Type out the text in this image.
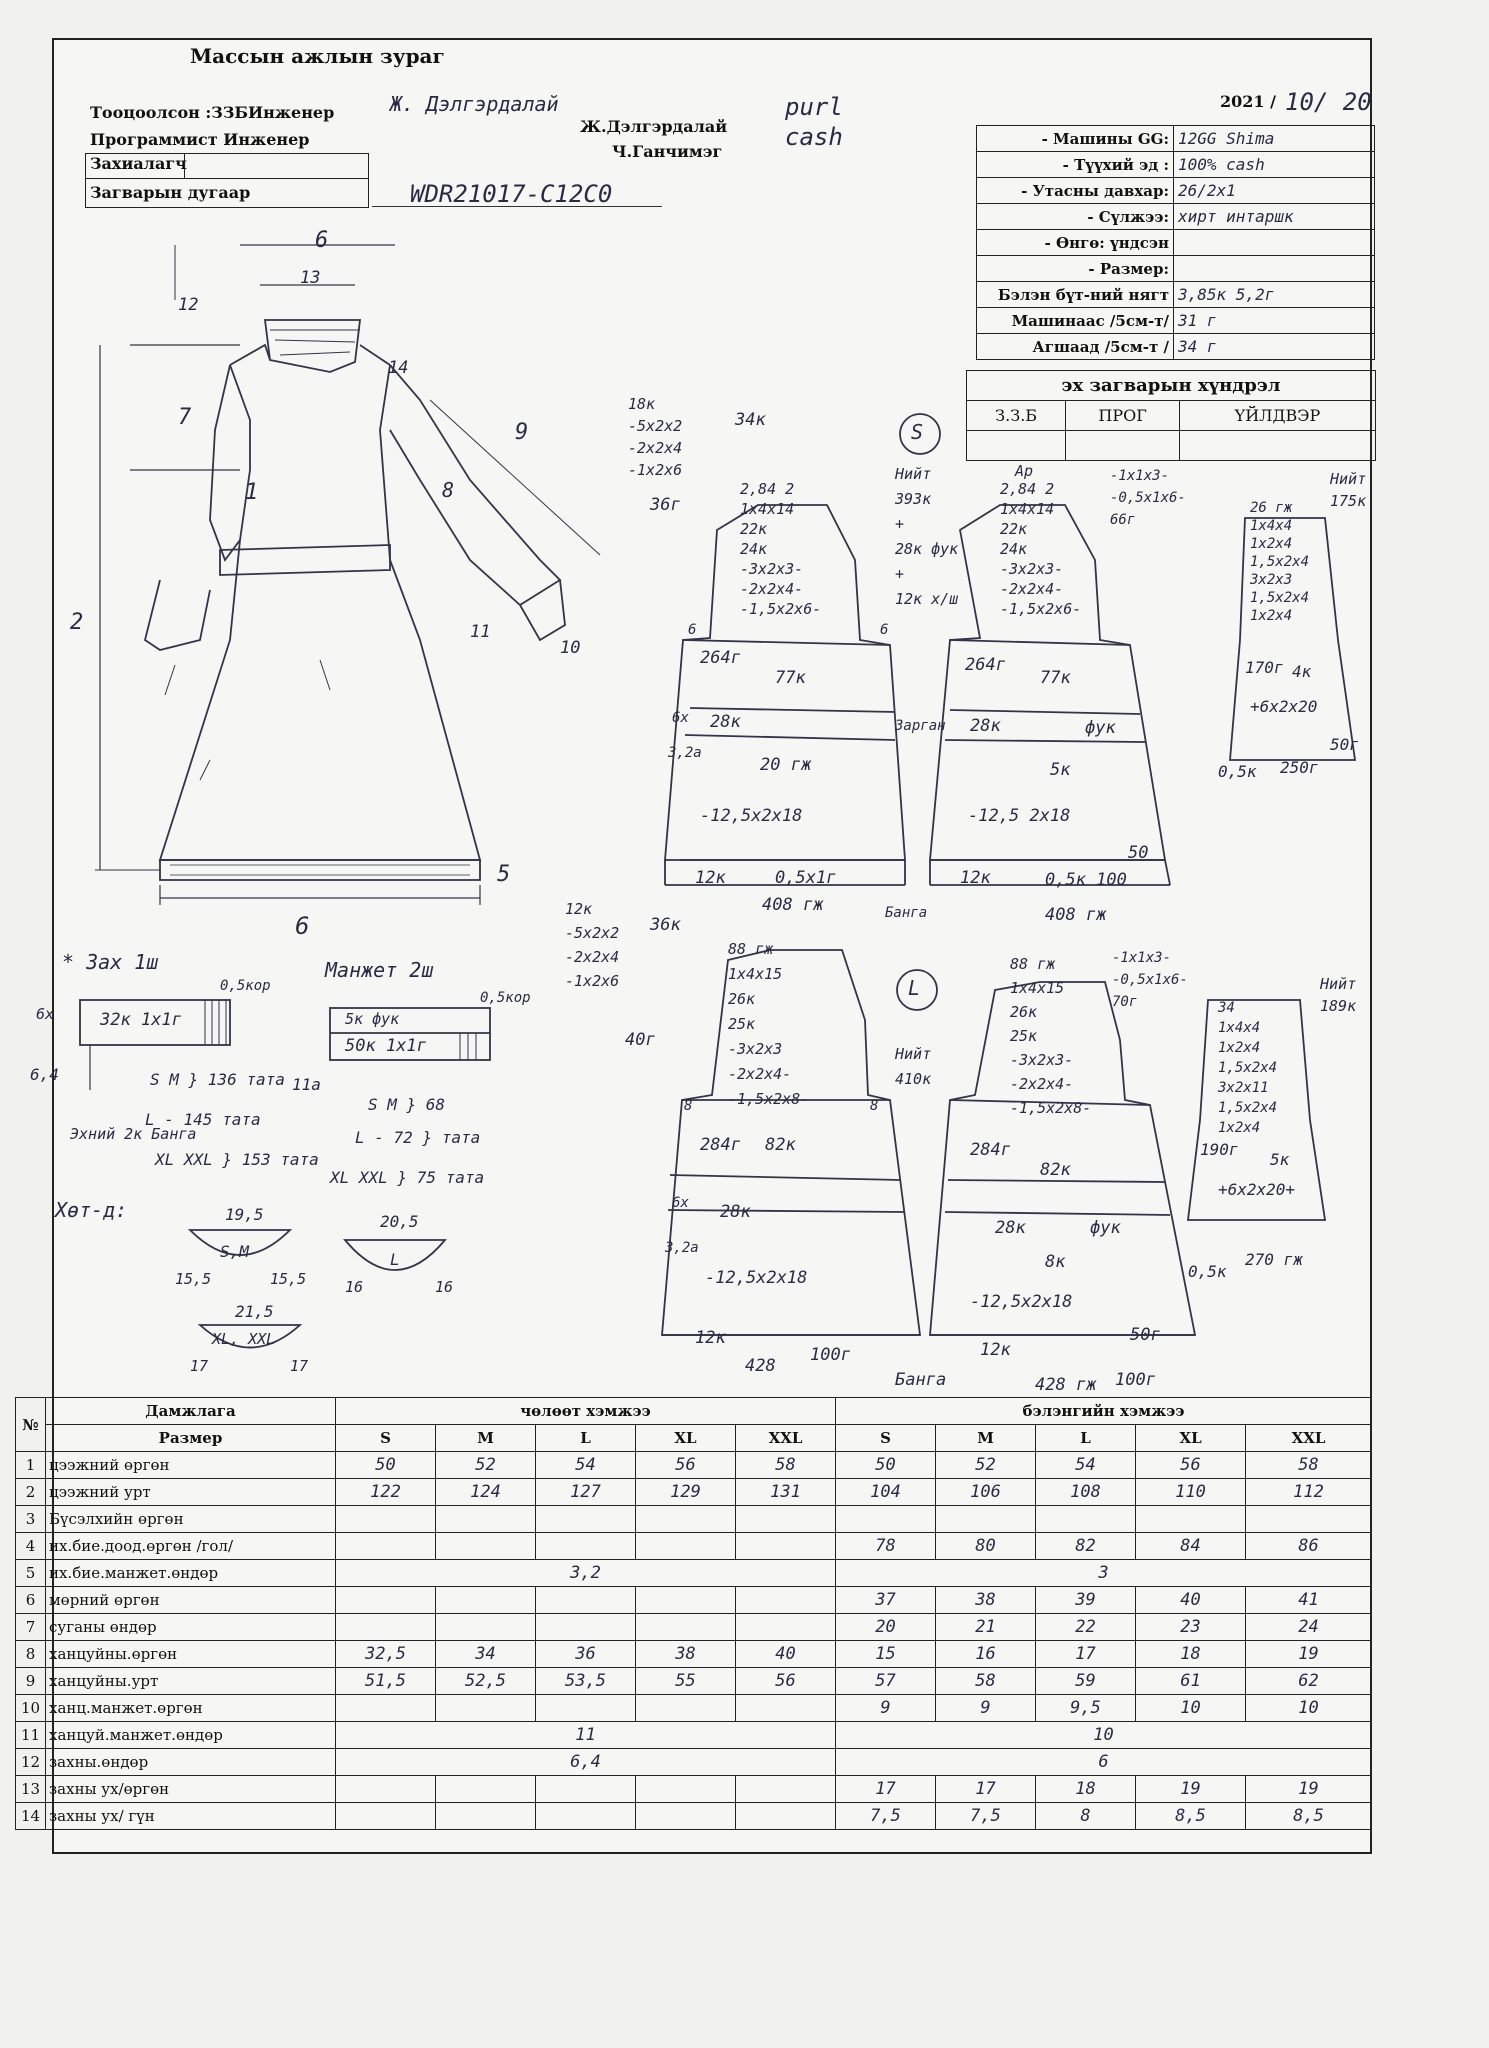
Массын ажлын зураг
Тооцоолсон :ЗЗБИнженер	Ж. Дэлгэрдалай
Программист Инженер
Ж.Дэлгэрдалай
Ч.Ганчимэг
purl cash
2021 / 10/ 20
Захиалагч
Загварын дугаар	WDR21017-C12C0
- Машины GG:	12GG Shima
- Түүхий эд :	100% cash
- Утасны давхар:	26/2x1
- Сүлжээ:	хирт интаршк
- Өнгө: үндсэн	
- Размер:	
Бэлэн бүт-ний нягт	3,85к 5,2г
Машинаас /5см-т/	31 г
Агшаад /5см-т /	34 г
эх загварын хүндрэл		
З.З.Б	ПРОГ	ҮЙЛДВЭР

6
13
12
14
7
1	8
9
2	11
10
5
6
* Зах 1ш	Манжет 2ш
0,5кор
0,5кор
32к 1x1г
6х
6,4
5к фук
50к 1x1г
11а
S M } 136 тата
L - 145 тата
XL XXL } 153 тата
Эхний 2к Банга
S M } 68
L - 72 } тата
XL XXL } 75 тата
Хөт-д:	19,5
S,M
15,5	15,5
20,5
L
16	16
21,5
XL, XXL
17	17
S
L
2,84 2
1x4x14
22к
24к
-3x2x3-
-2x2x4-
-1,5x2x6-
264г
77к
28к
20 гж
-12,5x2x18
12к	0,5x1г
408 гж
6	6
6х
3,2а
Зарган
2,84 2
1x4x14
22к
24к
-3x2x3-
-2x2x4-
-1,5x2x6-
264г
77к
28к	фук
5к
-12,5 2x18
50
12к	0,5к 100
408 гж
26 гж
1x4x4
1x2x4
1,5x2x4
3x2x3
1,5x2x4
1x2x4
170г 4к
+6x2x20
50г
0,5к 250г
18к
-5x2x2
-2x2x4
-1x2x6
36г
34к
Нийт
393к
+
28к фук
+
12к х/ш
-1x1x3-
-0,5x1x6-
66г
Нийт
175к
Ар
88 гж
1x4x15
26к
25к
-3x2x3
-2x2x4-
-1,5x2x8-
284г 82к
28к
-12,5x2x18
12к
428
100г
Банга
8	8
6х
3,2а
88 гж
1x4x15
26к
25к
-3x2x3-
-2x2x4-
-1,5x2x8-
284г
82к
28к	фук
8к
-12,5x2x18
50г
12к
428 гж 100г
34
1x4x4
1x2x4
1,5x2x4
3x2x11
1,5x2x4
1x2x4
190г
5к
+6x2x20+
0,5к
270 гж
12к
-5x2x2
-2x2x4
-1x2x6
40г
36к
Нийт
410к
-1x1x3-
-0,5x1x6-
70г
Нийт
189к
Банга
№	Дамжлага	чөлөөт хэмжээ					бэлэнгийн хэмжээ				
	Размер	S	M	L	XL	XXL	S	M	L	XL	XXL
1	цээжний өргөн	50	52	54	56	58	50	52	54	56	58
2	цээжний урт	122	124	127	129	131	104	106	108	110	112
3	Бүсэлхийн өргөн										
4	их.бие.доод.өргөн /гол/						78	80	82	84	86
5	их.бие.манжет.өндөр	3,2					3				
6	мөрний өргөн						37	38	39	40	41
7	суганы өндөр						20	21	22	23	24
8	ханцуйны.өргөн	32,5	34	36	38	40	15	16	17	18	19
9	ханцуйны.урт	51,5	52,5	53,5	55	56	57	58	59	61	62
10	ханц.манжет.өргөн						9	9	9,5	10	10
11	ханцуй.манжет.өндөр	11					10				
12	захны.өндөр	6,4					6				
13	захны ух/өргөн						17	17	18	19	19
14	захны ух/ гүн						7,5	7,5	8	8,5	8,5
